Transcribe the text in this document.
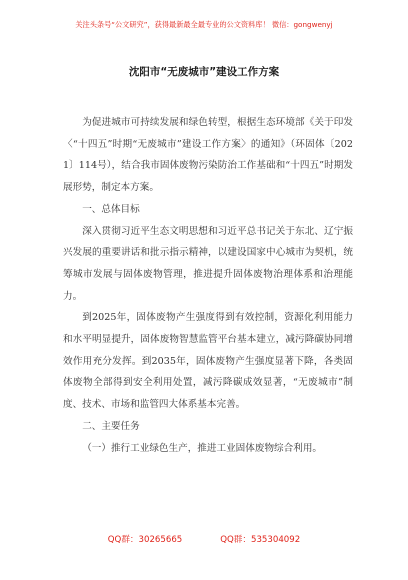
关注头条号“公文研究”，获得最新最全最专业的公文资料库！ 微信：gongwenyj
沈阳市“无废城市”建设工作方案

为促进城市可持续发展和绿色转型，根据生态环境部《关于印发〈“十四五”时期“无废城市”建设工作方案〉的通知》（环固体〔2021〕114号），结合我市固体废物污染防治工作基础和“十四五”时期发展形势，制定本方案。

一、总体目标

深入贯彻习近平生态文明思想和习近平总书记关于东北、辽宁振兴发展的重要讲话和批示指示精神，以建设国家中心城市为契机，统筹城市发展与固体废物管理，推进提升固体废物治理体系和治理能力。

到2025年，固体废物产生强度得到有效控制，资源化利用能力和水平明显提升，固体废物智慧监管平台基本建立，减污降碳协同增效作用充分发挥。到2035年，固体废物产生强度显著下降，各类固体废物全部得到安全利用处置，减污降碳成效显著，“无废城市”制度、技术、市场和监管四大体系基本完善。

二、主要任务

（一）推行工业绿色生产，推进工业固体废物综合利用。

QQ群：30265665	QQ群：535304092
